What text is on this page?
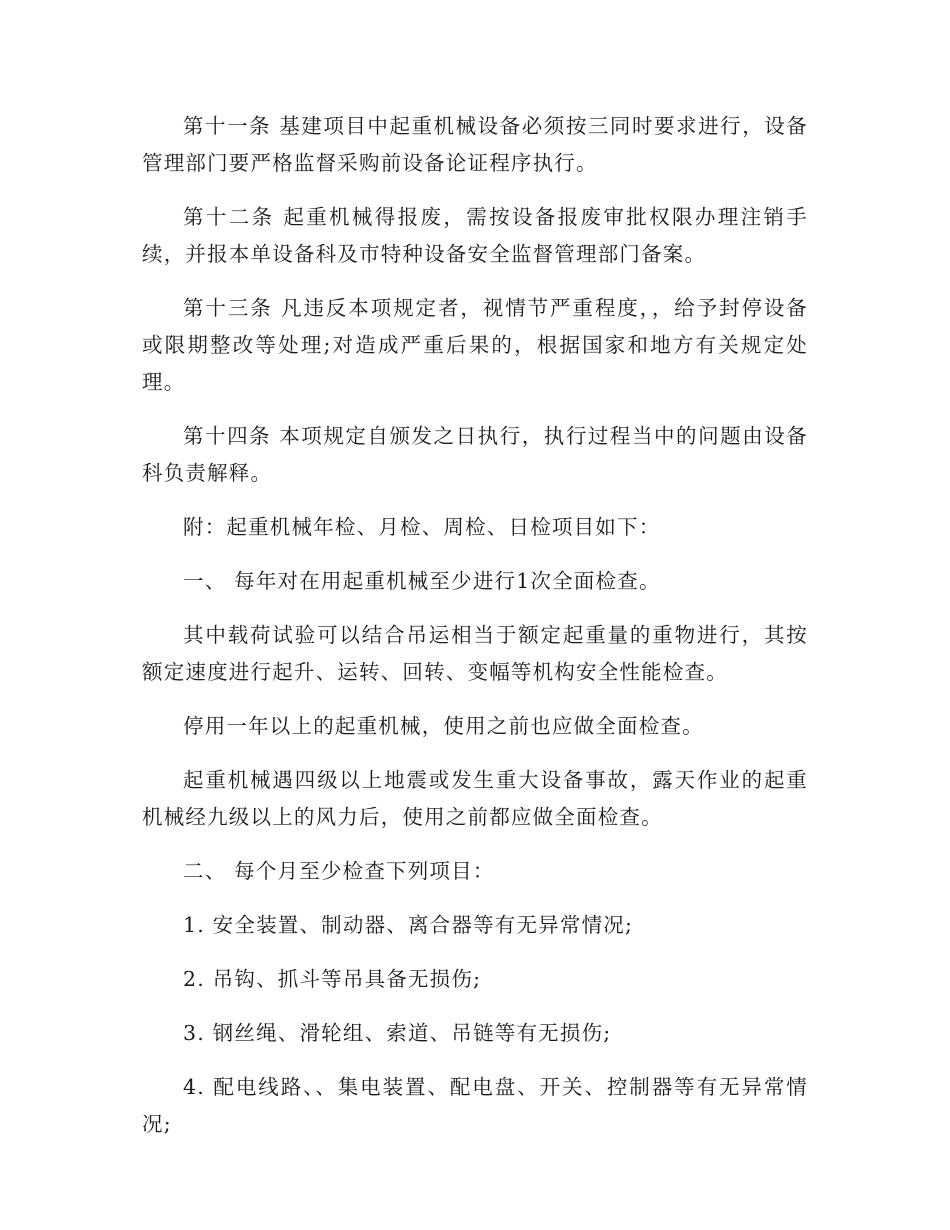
第十一条 基建项目中起重机械设备必须按三同时要求进行，设备管理部门要严格监督采购前设备论证程序执行。

第十二条 起重机械得报废，需按设备报废审批权限办理注销手续，并报本单设备科及市特种设备安全监督管理部门备案。

第十三条 凡违反本项规定者，视情节严重程度，，给予封停设备或限期整改等处理;对造成严重后果的，根据国家和地方有关规定处理。

第十四条 本项规定自颁发之日执行，执行过程当中的问题由设备科负责解释。

附：起重机械年检、月检、周检、日检项目如下：

一、 每年对在用起重机械至少进行1次全面检查。

其中载荷试验可以结合吊运相当于额定起重量的重物进行，其按额定速度进行起升、运转、回转、变幅等机构安全性能检查。

停用一年以上的起重机械，使用之前也应做全面检查。

起重机械遇四级以上地震或发生重大设备事故，露天作业的起重机械经九级以上的风力后，使用之前都应做全面检查。

二、 每个月至少检查下列项目：

1. 安全装置、制动器、离合器等有无异常情况;

2. 吊钩、抓斗等吊具备无损伤;

3. 钢丝绳、滑轮组、索道、吊链等有无损伤;

4. 配电线路、、集电装置、配电盘、开关、控制器等有无异常情况;
